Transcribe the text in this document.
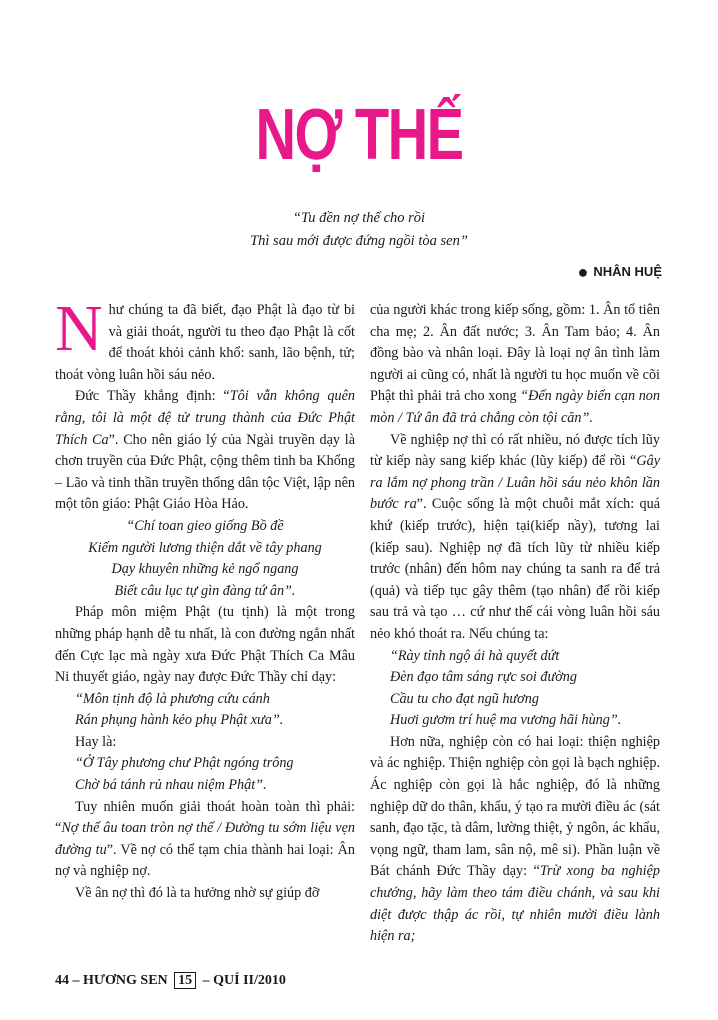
NỢ THẾ
“Tu đền nợ thế cho rồi
Thì sau mới được đứng ngồi tòa sen”
● NHÂN HUỆ

Như chúng ta đã biết, đạo Phật là đạo từ bi và giải thoát, người tu theo đạo Phật là cốt để thoát khỏi cảnh khổ: sanh, lão bệnh, tử; thoát vòng luân hồi sáu nẻo.

Đức Thầy khẳng định: “Tôi vẫn không quên rằng, tôi là một đệ tử trung thành của Đức Phật Thích Ca”. Cho nên giáo lý của Ngài truyền dạy là chơn truyền của Đức Phật, cộng thêm tinh ba Khổng – Lão và tinh thần truyền thống dân tộc Việt, lập nên một tôn giáo: Phật Giáo Hòa Hảo.

“Chí toan gieo giống Bồ đề

Kiếm người lương thiện dắt về tây phang

Dạy khuyên những kẻ ngổ ngang

Biết câu lục tự gìn đàng tứ ân”.

Pháp môn miệm Phật (tu tịnh) là một trong những pháp hạnh dễ tu nhất, là con đường ngắn nhất đến Cực lạc mà ngày xưa Đức Phật Thích Ca Mâu Ni thuyết giáo, ngày nay được Đức Thầy chỉ dạy:

“Môn tịnh độ là phương cứu cánh

Rán phụng hành kẻo phụ Phật xưa”.

Hay là:

“Ở Tây phương chư Phật ngóng trông

Chờ bá tánh rủ nhau niệm Phật”.

Tuy nhiên muốn giải thoát hoàn toàn thì phải: “Nợ thế âu toan tròn nợ thế / Đường tu sớm liệu vẹn đường tu”. Về nợ có thể tạm chia thành hai loại: Ân nợ và nghiệp nợ.

Về ân nợ thì đó là ta hưởng nhờ sự giúp đỡ

của người khác trong kiếp sống, gồm: 1. Ân tổ tiên cha mẹ; 2. Ân đất nước; 3. Ân Tam bảo; 4. Ân đồng bào và nhân loại. Đây là loại nợ ân tình làm người ai cũng có, nhất là người tu học muốn về cõi Phật thì phải trả cho xong “Đến ngày biển cạn non mòn / Tứ ân đã trả chẳng còn tội căn”.

Về nghiệp nợ thì có rất nhiều, nó được tích lũy từ kiếp này sang kiếp khác (lũy kiếp) để rồi “Gây ra lắm nợ phong trần / Luân hồi sáu nẻo khôn lần bước ra”. Cuộc sống là một chuỗi mắt xích: quá khứ (kiếp trước), hiện tại(kiếp nầy), tương lai (kiếp sau). Nghiệp nợ đã tích lũy từ nhiều kiếp trước (nhân) đến hôm nay chúng ta sanh ra để trả (quả) và tiếp tục gây thêm (tạo nhân) để rồi kiếp sau trả và tạo … cứ như thế cái vòng luân hồi sáu nẻo khó thoát ra. Nếu chúng ta:

“Rày tỉnh ngộ ái hà quyết dứt

Đèn đạo tâm sáng rực soi đường

Cầu tu cho đạt ngũ hương

Huơi gươm trí huệ ma vương hãi hùng”.

Hơn nữa, nghiệp còn có hai loại: thiện nghiệp và ác nghiệp. Thiện nghiệp còn gọi là bạch nghiệp. Ác nghiệp còn gọi là hắc nghiệp, đó là những nghiệp dữ do thân, khẩu, ý tạo ra mười điều ác (sát sanh, đạo tặc, tà dâm, lường thiệt, ỷ ngôn, ác khẩu, vọng ngữ, tham lam, sân nộ, mê si). Phần luận về Bát chánh Đức Thầy dạy: “Trừ xong ba nghiệp chướng, hãy làm theo tám điều chánh, và sau khi diệt được thập ác rồi, tự nhiên mười điều lành hiện ra;

44 – HƯƠNG SEN 15 – QUÍ II/2010
